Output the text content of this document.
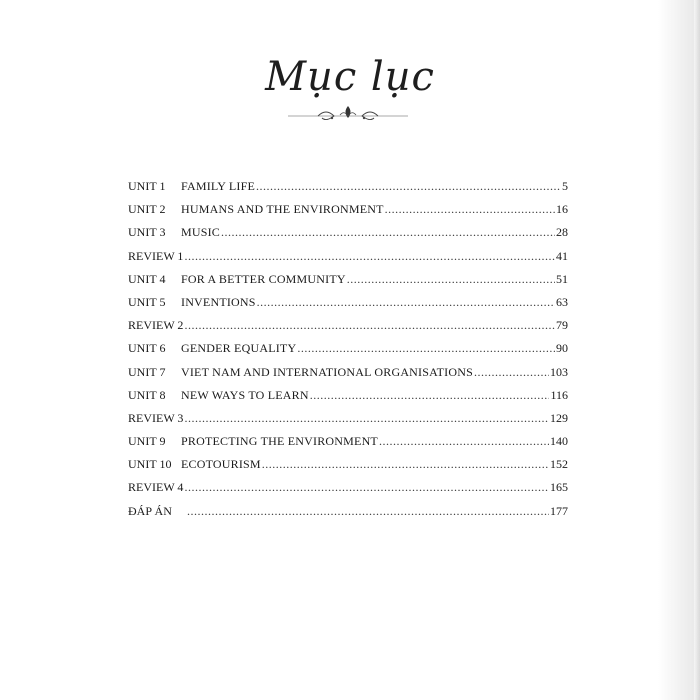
Mục lục
UNIT 1	FAMILY LIFE .....	5
UNIT 2	HUMANS AND THE ENVIRONMENT .....	16
UNIT 3	MUSIC .....	28
REVIEW 1 .....	41
UNIT 4	FOR A BETTER COMMUNITY .....	51
UNIT 5	INVENTIONS .....	63
REVIEW 2 .....	79
UNIT 6	GENDER EQUALITY .....	90
UNIT 7	VIET NAM AND INTERNATIONAL ORGANISATIONS .....	103
UNIT 8	NEW WAYS TO LEARN .....	116
REVIEW 3 .....	129
UNIT 9	PROTECTING THE ENVIRONMENT .....	140
UNIT 10 ECOTOURISM .....	152
REVIEW 4 .....	165
ĐÁP ÁN .....	177
